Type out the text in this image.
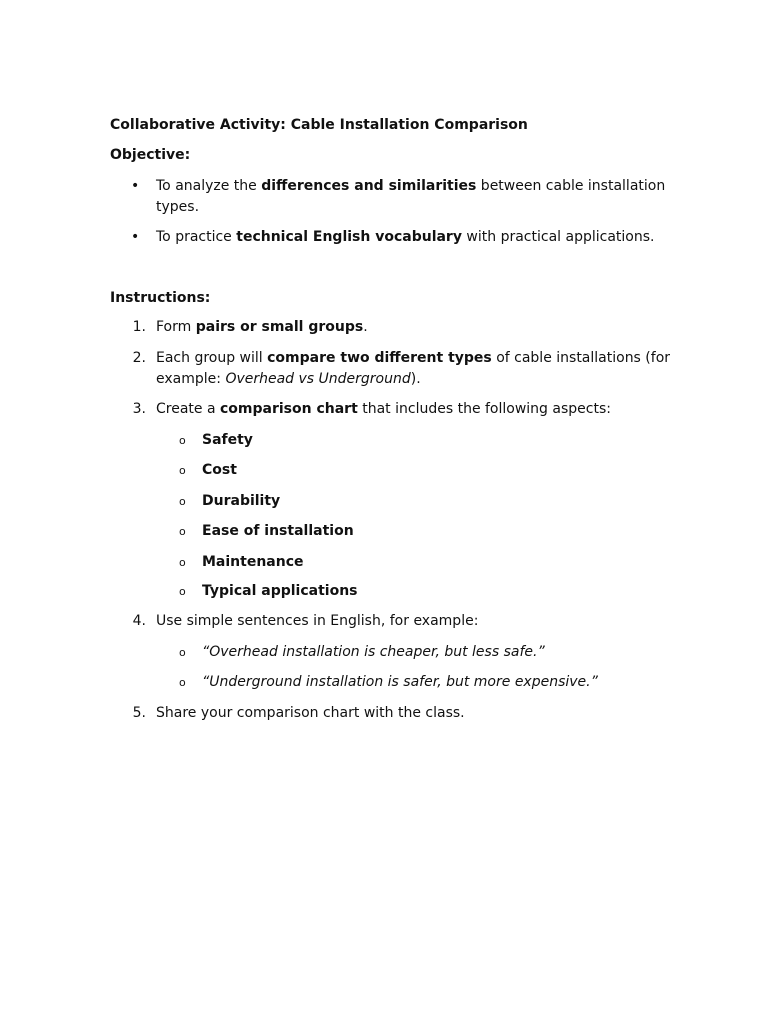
Collaborative Activity: Cable Installation Comparison
Objective:
• To analyze the differences and similarities between cable installation
types.
• To practice technical English vocabulary with practical applications.
Instructions:
1. Form pairs or small groups.
2. Each group will compare two different types of cable installations (for
example: Overhead vs Underground).
3. Create a comparison chart that includes the following aspects:
o Safety
o Cost
o Durability
o Ease of installation
o Maintenance
o Typical applications
4. Use simple sentences in English, for example:
o “Overhead installation is cheaper, but less safe.”
o “Underground installation is safer, but more expensive.”
5. Share your comparison chart with the class.
